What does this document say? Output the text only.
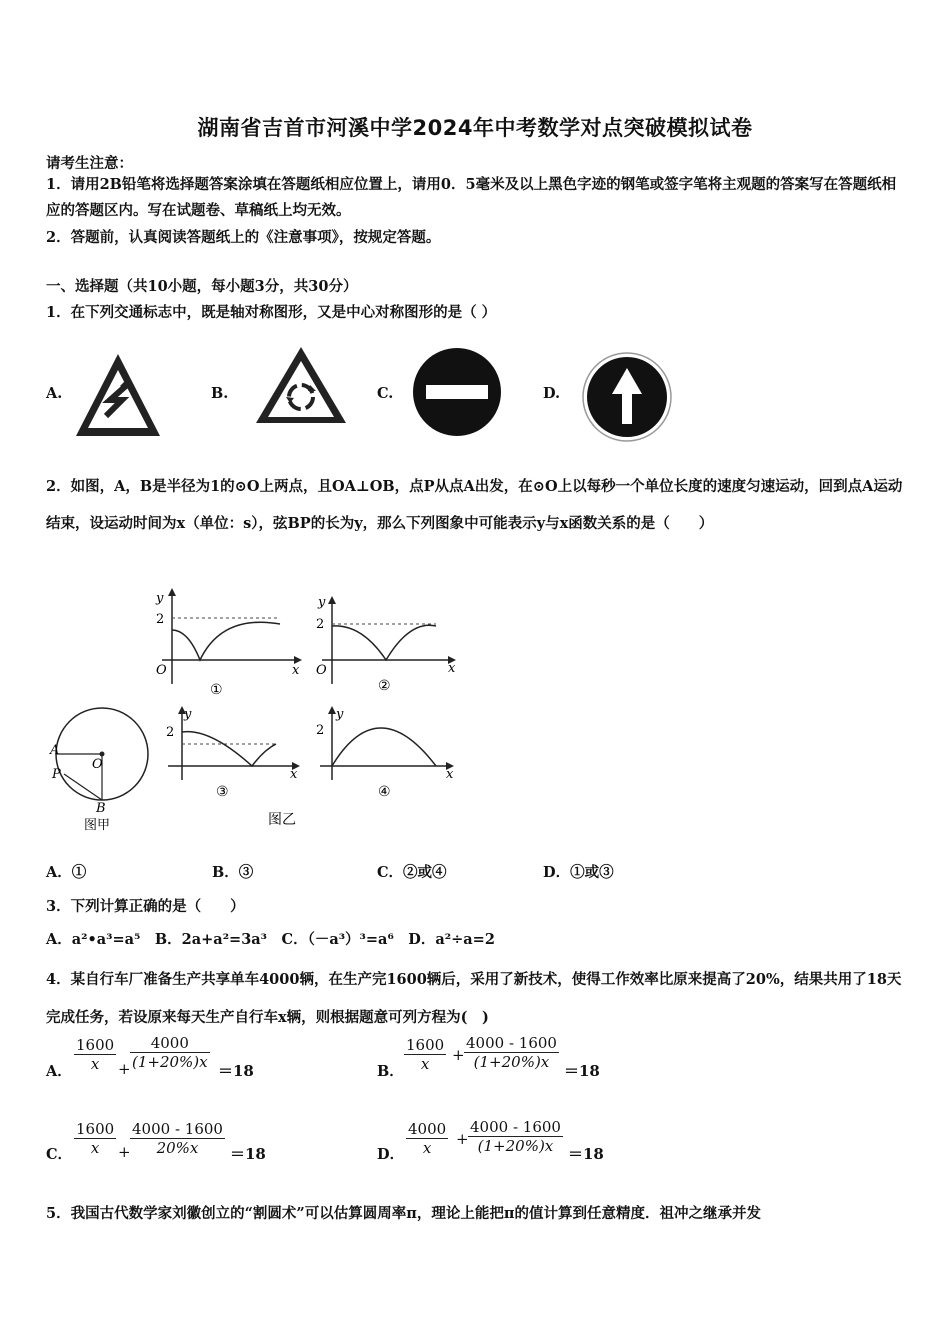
湖南省吉首市河溪中学2024年中考数学对点突破模拟试卷
请考生注意：
1．请用2B铅笔将选择题答案涂填在答题纸相应位置上，请用0．5毫米及以上黑色字迹的钢笔或签字笔将主观题的答案写在答题纸相应的答题区内。写在试题卷、草稿纸上均无效。
2．答题前，认真阅读答题纸上的《注意事项》，按规定答题。
一、选择题（共10小题，每小题3分，共30分）
1．在下列交通标志中，既是轴对称图形，又是中心对称图形的是（ ）
A.	B.	C.	D.
2．如图，A，B是半径为1的⊙O上两点，且OA⊥OB，点P从点A出发，在⊙O上以每秒一个单位长度的速度匀速运动，回到点A运动结束，设运动时间为x（单位：s），弦BP的长为y，那么下列图象中可能表示y与x函数关系的是（　　）
y
2
O	x
①
y
2
O	x
②
A
P
O
B
图甲
y
2
x
③
y
2
x
④
图乙
A．①	B．③	C．②或④	D．①或③
3．下列计算正确的是（　　）
A．a²•a³=a⁵　B．2a+a²=3a³　C．（－a³）³=a⁶　D．a²÷a=2
4．某自行车厂准备生产共享单车4000辆，在生产完1600辆后，采用了新技术，使得工作效率比原来提高了20%，结果共用了18天完成任务，若设原来每天生产自行车x辆，则根据题意可列方程为(　)
A．
1600
x +
4000
(1+20%)x ＝18	B．
1600
x +
4000 - 1600
(1+20%)x ＝18
C．
1600
x +
4000 - 1600
20%x ＝18	D．
4000
x +
4000 - 1600
(1+20%)x ＝18
5．我国古代数学家刘徽创立的“割圆术”可以估算圆周率π，理论上能把π的值计算到任意精度．祖冲之继承并发
